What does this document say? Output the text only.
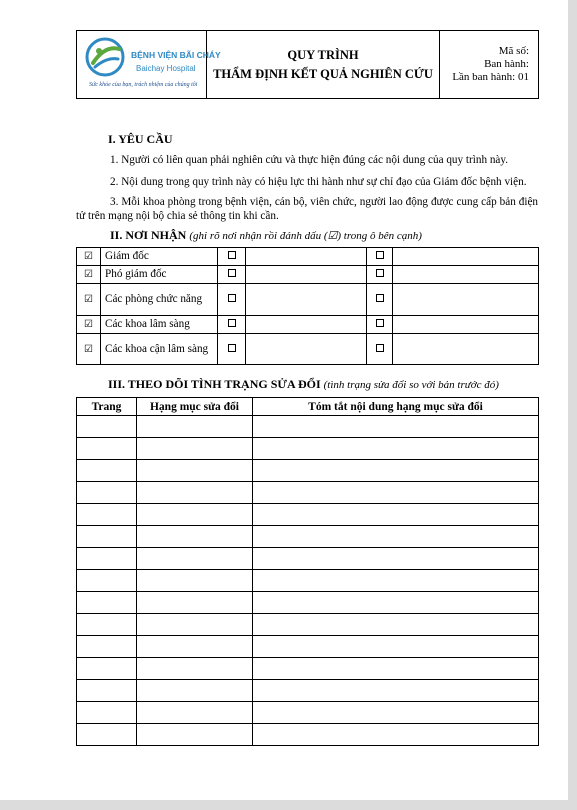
BỆNH VIỆN BÃI CHÁY
Baichay Hospital
Sức khỏe của bạn, trách nhiệm của chúng tôi

QUY TRÌNH
THẨM ĐỊNH KẾT QUẢ NGHIÊN CỨU

Mã số:
Ban hành:
Lần ban hành: 01
I. YÊU CẦU
1. Người có liên quan phải nghiên cứu và thực hiện đúng các nội dung của quy trình này.
2. Nội dung trong quy trình này có hiệu lực thi hành như sự chỉ đạo của Giám đốc bệnh viện.
3. Mỗi khoa phòng trong bệnh viện, cán bộ, viên chức, người lao động được cung cấp bản điện tử trên mạng nội bộ chia sẻ thông tin khi cần.
II. NƠI NHẬN (ghi rõ nơi nhận rồi đánh dấu (☑) trong ô bên cạnh)
☑	Giám đốc				
☑	Phó giám đốc				
☑	Các phòng chức năng				
☑	Các khoa lâm sàng				
☑	Các khoa cận lâm sàng				
III. THEO DÕI TÌNH TRẠNG SỬA ĐỔI (tình trạng sửa đổi so với bản trước đó)
Trang	Hạng mục sửa đổi	Tóm tắt nội dung hạng mục sửa đổi
